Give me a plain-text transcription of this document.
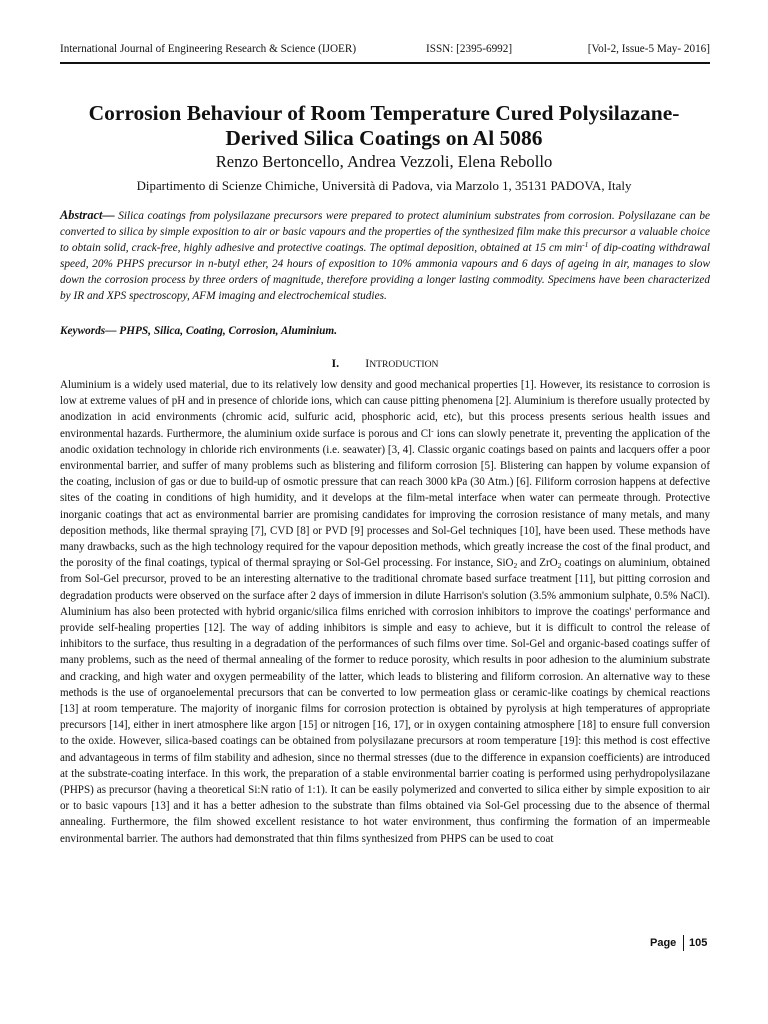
International Journal of Engineering Research & Science (IJOER)	ISSN: [2395-6992]	[Vol-2, Issue-5 May- 2016]
Corrosion Behaviour of Room Temperature Cured Polysilazane-
Derived Silica Coatings on Al 5086
Renzo Bertoncello, Andrea Vezzoli, Elena Rebollo
Dipartimento di Scienze Chimiche, Università di Padova, via Marzolo 1, 35131 PADOVA, Italy
Abstract— Silica coatings from polysilazane precursors were prepared to protect aluminium substrates from corrosion. Polysilazane can be converted to silica by simple exposition to air or basic vapours and the properties of the synthesized film make this precursor a valuable choice to obtain solid, crack-free, highly adhesive and protective coatings. The optimal deposition, obtained at 15 cm $\min^{-1}$ of dip-coating withdrawal speed, 20% PHPS precursor in n-butyl ether, 24 hours of exposition to 10% ammonia vapours and 6 days of ageing in air, manages to slow down the corrosion process by three orders of magnitude, therefore providing a longer lasting commodity. Specimens have been characterized by IR and XPS spectroscopy, AFM imaging and electrochemical studies.
Keywords— PHPS, Silica, Coating, Corrosion, Aluminium.
I. INTRODUCTION

Aluminium is a widely used material, due to its relatively low density and good mechanical properties [1]. However, its resistance to corrosion is low at extreme values of pH and in presence of chloride ions, which can cause pitting phenomena [2]. Aluminium is therefore usually protected by anodization in acid environments (chromic acid, sulfuric acid, phosphoric acid, etc), but this process presents serious health issues and environmental hazards. Furthermore, the aluminium oxide surface is porous and Cl- ions can slowly penetrate it, preventing the application of the anodic oxidation technology in chloride rich environments (i.e. seawater) [3, 4]. Classic organic coatings based on paints and lacquers offer a poor environmental barrier, and suffer of many problems such as blistering and filiform corrosion [5]. Blistering can happen by volume expansion of the coating, inclusion of gas or due to build-up of osmotic pressure that can reach 3000 kPa (30 Atm.) [6]. Filiform corrosion happens at defective sites of the coating in conditions of high humidity, and it develops at the film-metal interface when water can permeate through. Protective inorganic coatings that act as environmental barrier are promising candidates for improving the corrosion resistance of many metals, and many deposition methods, like thermal spraying [7], CVD [8] or PVD [9] processes and Sol-Gel techniques [10], have been used. These methods have many drawbacks, such as the high technology required for the vapour deposition methods, which greatly increase the cost of the final product, and the porosity of the final coatings, typical of thermal spraying or Sol-Gel processing. For instance, SiO$_2$ and ZrO$_2$ coatings on aluminium, obtained from Sol-Gel precursor, proved to be an interesting alternative to the traditional chromate based surface treatment [11], but pitting corrosion and degradation products were observed on the surface after 2 days of immersion in dilute Harrison's solution (3.5% ammonium sulphate, 0.5% NaCl). Aluminium has also been protected with hybrid organic/silica films enriched with corrosion inhibitors to improve the coatings' performance and provide self-healing properties [12]. The way of adding inhibitors is simple and easy to achieve, but it is difficult to control the release of inhibitors to the surface, thus resulting in a degradation of the performances of such films over time. Sol-Gel and organic-based coatings suffer of many problems, such as the need of thermal annealing of the former to reduce porosity, which results in poor adhesion to the aluminium substrate and cracking, and high water and oxygen permeability of the latter, which leads to blistering and filiform corrosion. An alternative way to these methods is the use of organoelemental precursors that can be converted to low permeation glass or ceramic-like coatings by chemical reactions [13] at room temperature. The majority of inorganic films for corrosion protection is obtained by pyrolysis at high temperatures of appropriate precursors [14], either in inert atmosphere like argon [15] or nitrogen [16, 17], or in oxygen containing atmosphere [18] to ensure full conversion to the oxide. However, silica-based coatings can be obtained from polysilazane precursors at room temperature [19]: this method is cost effective and advantageous in terms of film stability and adhesion, since no thermal stresses (due to the difference in expansion coefficients) are introduced at the substrate-coating interface. In this work, the preparation of a stable environmental barrier coating is performed using perhydropolysilazane (PHPS) as precursor (having a theoretical Si:N ratio of 1:1). It can be easily polymerized and converted to silica either by simple exposition to air or to basic vapours [13] and it has a better adhesion to the substrate than films obtained via Sol-Gel processing due to the absence of thermal annealing. Furthermore, the film showed excellent resistance to hot water environment, thus confirming the formation of an impermeable environmental barrier. The authors had demonstrated that thin films synthesized from PHPS can be used to coat

Page 105
